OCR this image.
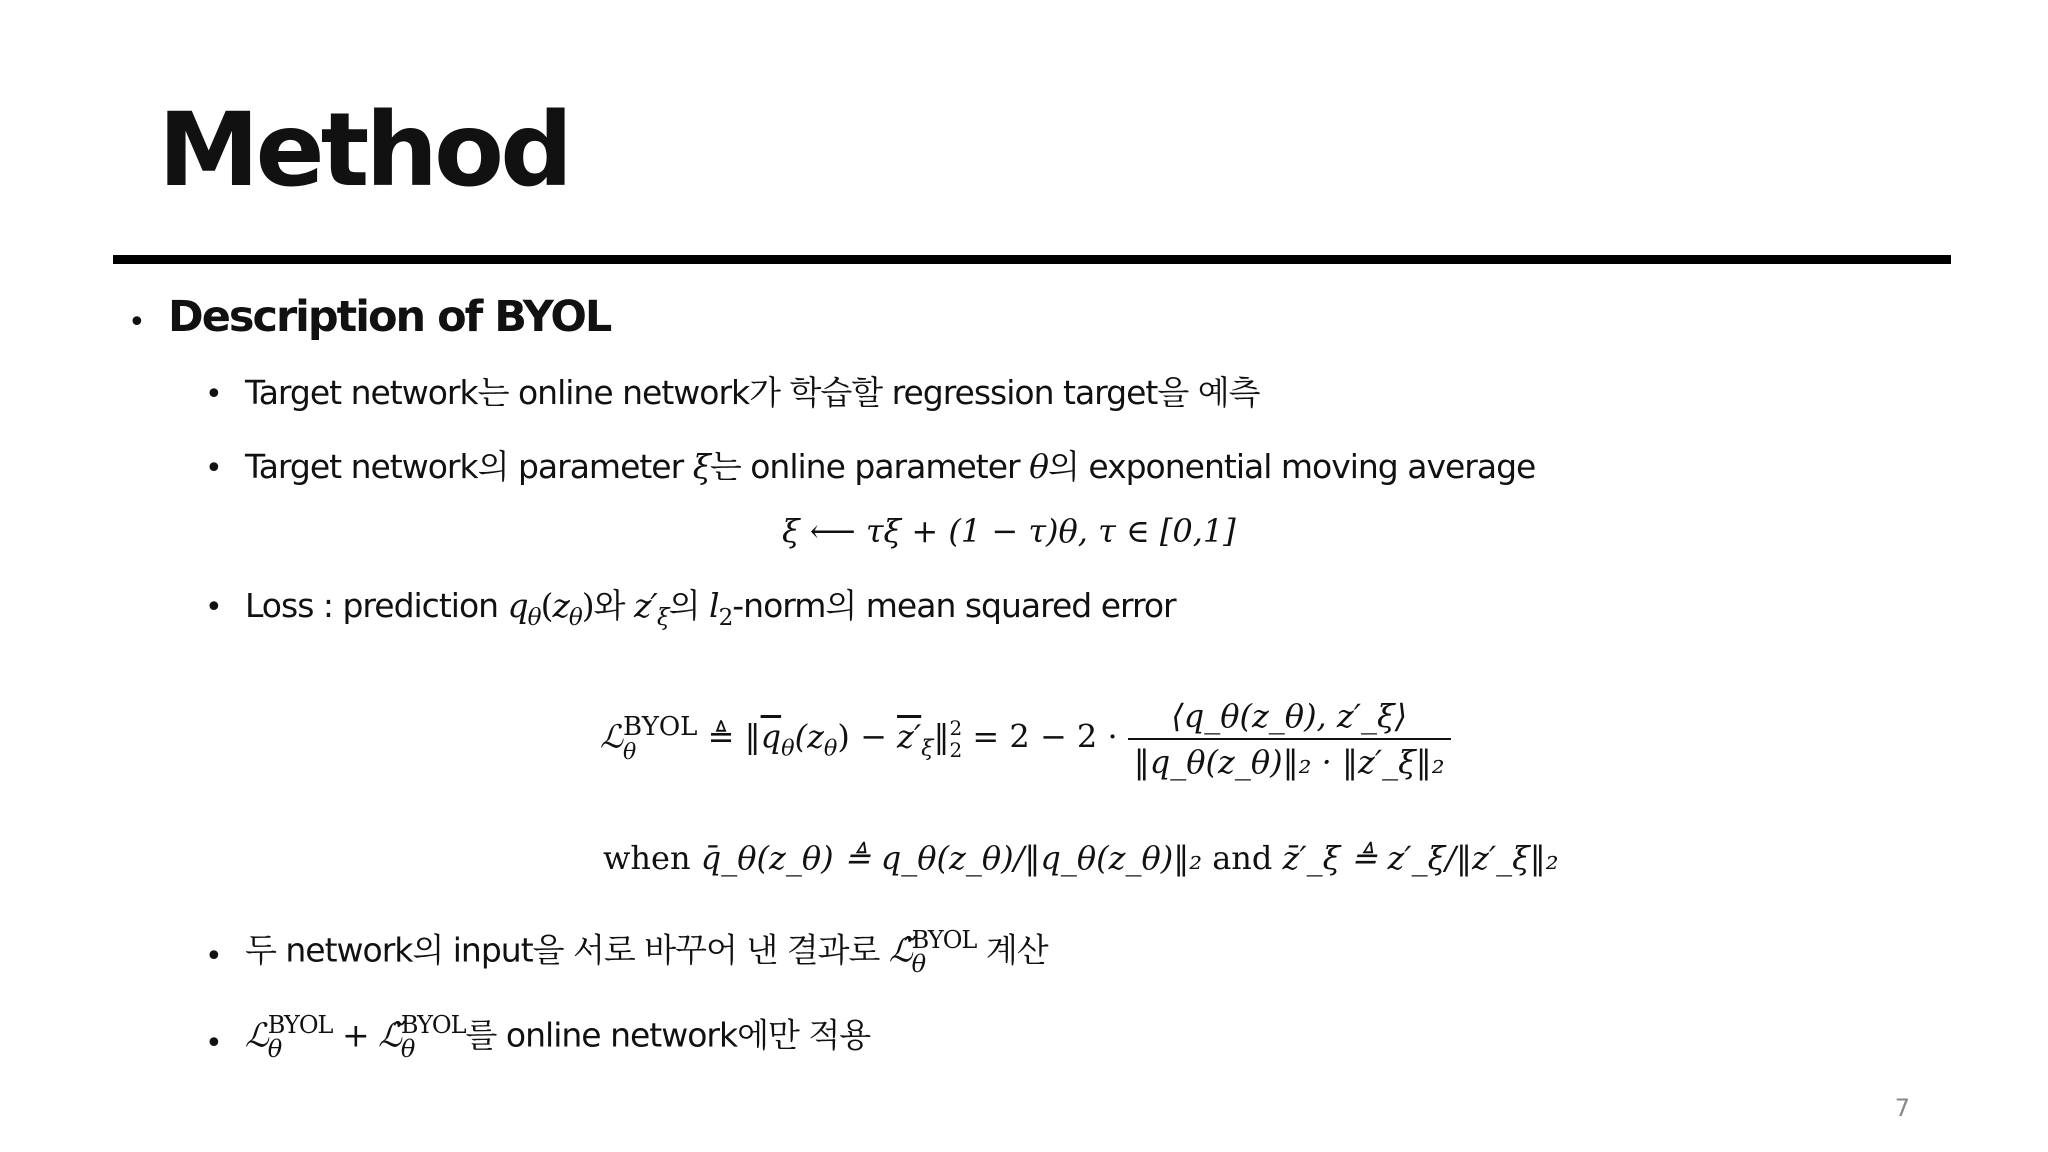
Method
• Description of BYOL
• Target network는 online network가 학습할 regression target을 예측
• Target network의 parameter ξ는 online parameter θ의 exponential moving average
ξ ⟵ τξ + (1 − τ)θ, τ ∈ [0,1]
• Loss : prediction $q_\theta(z_\theta)$와 $z'_\xi$의 $l_2$-norm의 mean squared error
ℒ BYOL
θ	≜ $‖\overline{q}_\theta(z_\theta)$ − $z'_\xi‖$ 2
$2 = 2 - 2 \cdot \frac{⟨q\_\theta(z\_\theta), z'\_\xi⟩}{\text{‖q\_θ(z\_θ)‖₂ · ‖z′\_ξ‖₂}}$
when q̄_θ(z_θ) ≜ q_θ(z_θ)/‖q_θ(z_θ)‖₂ and z̄′_ξ ≜ z′_ξ/‖z′_ξ‖₂
• 두 network의 input을 서로 바꾸어 낸 결과로 ℒ̃ BYOL
θ	계산
• ℒ BYOL
θ	+ ℒ̃ BYOL
θ	를 online network에만 적용
7
